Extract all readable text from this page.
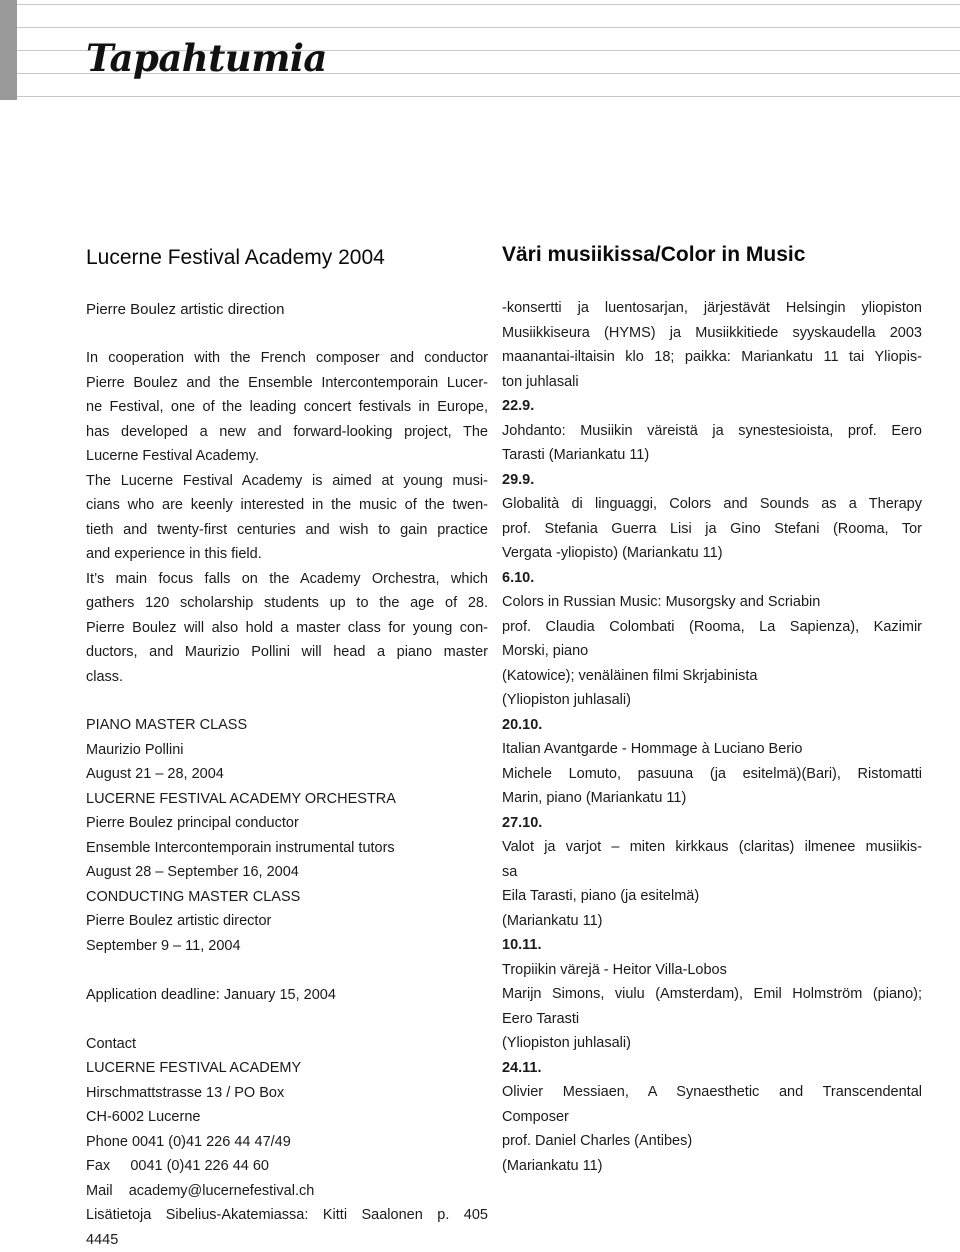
Tapahtumia
Lucerne Festival Academy 2004

Pierre Boulez artistic direction

In cooperation with the French composer and conductor
Pierre Boulez and the Ensemble Intercontemporain Lucer-
ne Festival, one of the leading concert festivals in Europe,
has developed a new and forward-looking project, The
Lucerne Festival Academy.
The Lucerne Festival Academy is aimed at young musi-
cians who are keenly interested in the music of the twen-
tieth and twenty-first centuries and wish to gain practice
and experience in this field.
It’s main focus falls on the Academy Orchestra, which
gathers 120 scholarship students up to the age of 28.
Pierre Boulez will also hold a master class for young con-
ductors, and Maurizio Pollini will head a piano master
class.
PIANO MASTER CLASS
Maurizio Pollini
August 21 – 28, 2004
LUCERNE FESTIVAL ACADEMY ORCHESTRA
Pierre Boulez principal conductor
Ensemble Intercontemporain instrumental tutors
August 28 – September 16, 2004
CONDUCTING MASTER CLASS
Pierre Boulez artistic director
September 9 – 11, 2004
Application deadline: January 15, 2004
Contact
LUCERNE FESTIVAL ACADEMY
Hirschmattstrasse 13 / PO Box
CH-6002 Lucerne
Phone 0041 (0)41 226 44 47/49
Fax     0041 (0)41 226 44 60
Mail    academy@lucernefestival.ch
Lisätietoja Sibelius-Akatemiassa: Kitti Saalonen p. 405
4445
Väri musiikissa/Color in Music
-konsertti ja luentosarjan, järjestävät Helsingin yliopiston
Musiikkiseura (HYMS) ja Musiikkitiede syyskaudella 2003
maanantai-iltaisin klo 18; paikka: Mariankatu 11 tai Yliopis-
ton juhlasali
22.9.
Johdanto: Musiikin väreistä ja synestesioista, prof. Eero
Tarasti (Mariankatu 11)
29.9.
Globalità di linguaggi, Colors and Sounds as a Therapy
prof. Stefania Guerra Lisi ja Gino Stefani (Rooma, Tor
Vergata -yliopisto) (Mariankatu 11)
6.10.
Colors in Russian Music: Musorgsky and Scriabin
prof. Claudia Colombati (Rooma, La Sapienza), Kazimir
Morski, piano
(Katowice); venäläinen filmi Skrjabinista
(Yliopiston juhlasali)
20.10.
Italian Avantgarde - Hommage à Luciano Berio
Michele Lomuto, pasuuna (ja esitelmä)(Bari), Ristomatti
Marin, piano (Mariankatu 11)
27.10.
Valot ja varjot – miten kirkkaus (claritas) ilmenee musiikis-
sa
Eila Tarasti, piano (ja esitelmä)
(Mariankatu 11)
10.11.
Tropiikin värejä - Heitor Villa-Lobos
Marijn Simons, viulu (Amsterdam), Emil Holmström (piano);
Eero Tarasti
(Yliopiston juhlasali)
24.11.
Olivier Messiaen, A Synaesthetic and Transcendental
Composer
prof. Daniel Charles (Antibes)
(Mariankatu 11)
